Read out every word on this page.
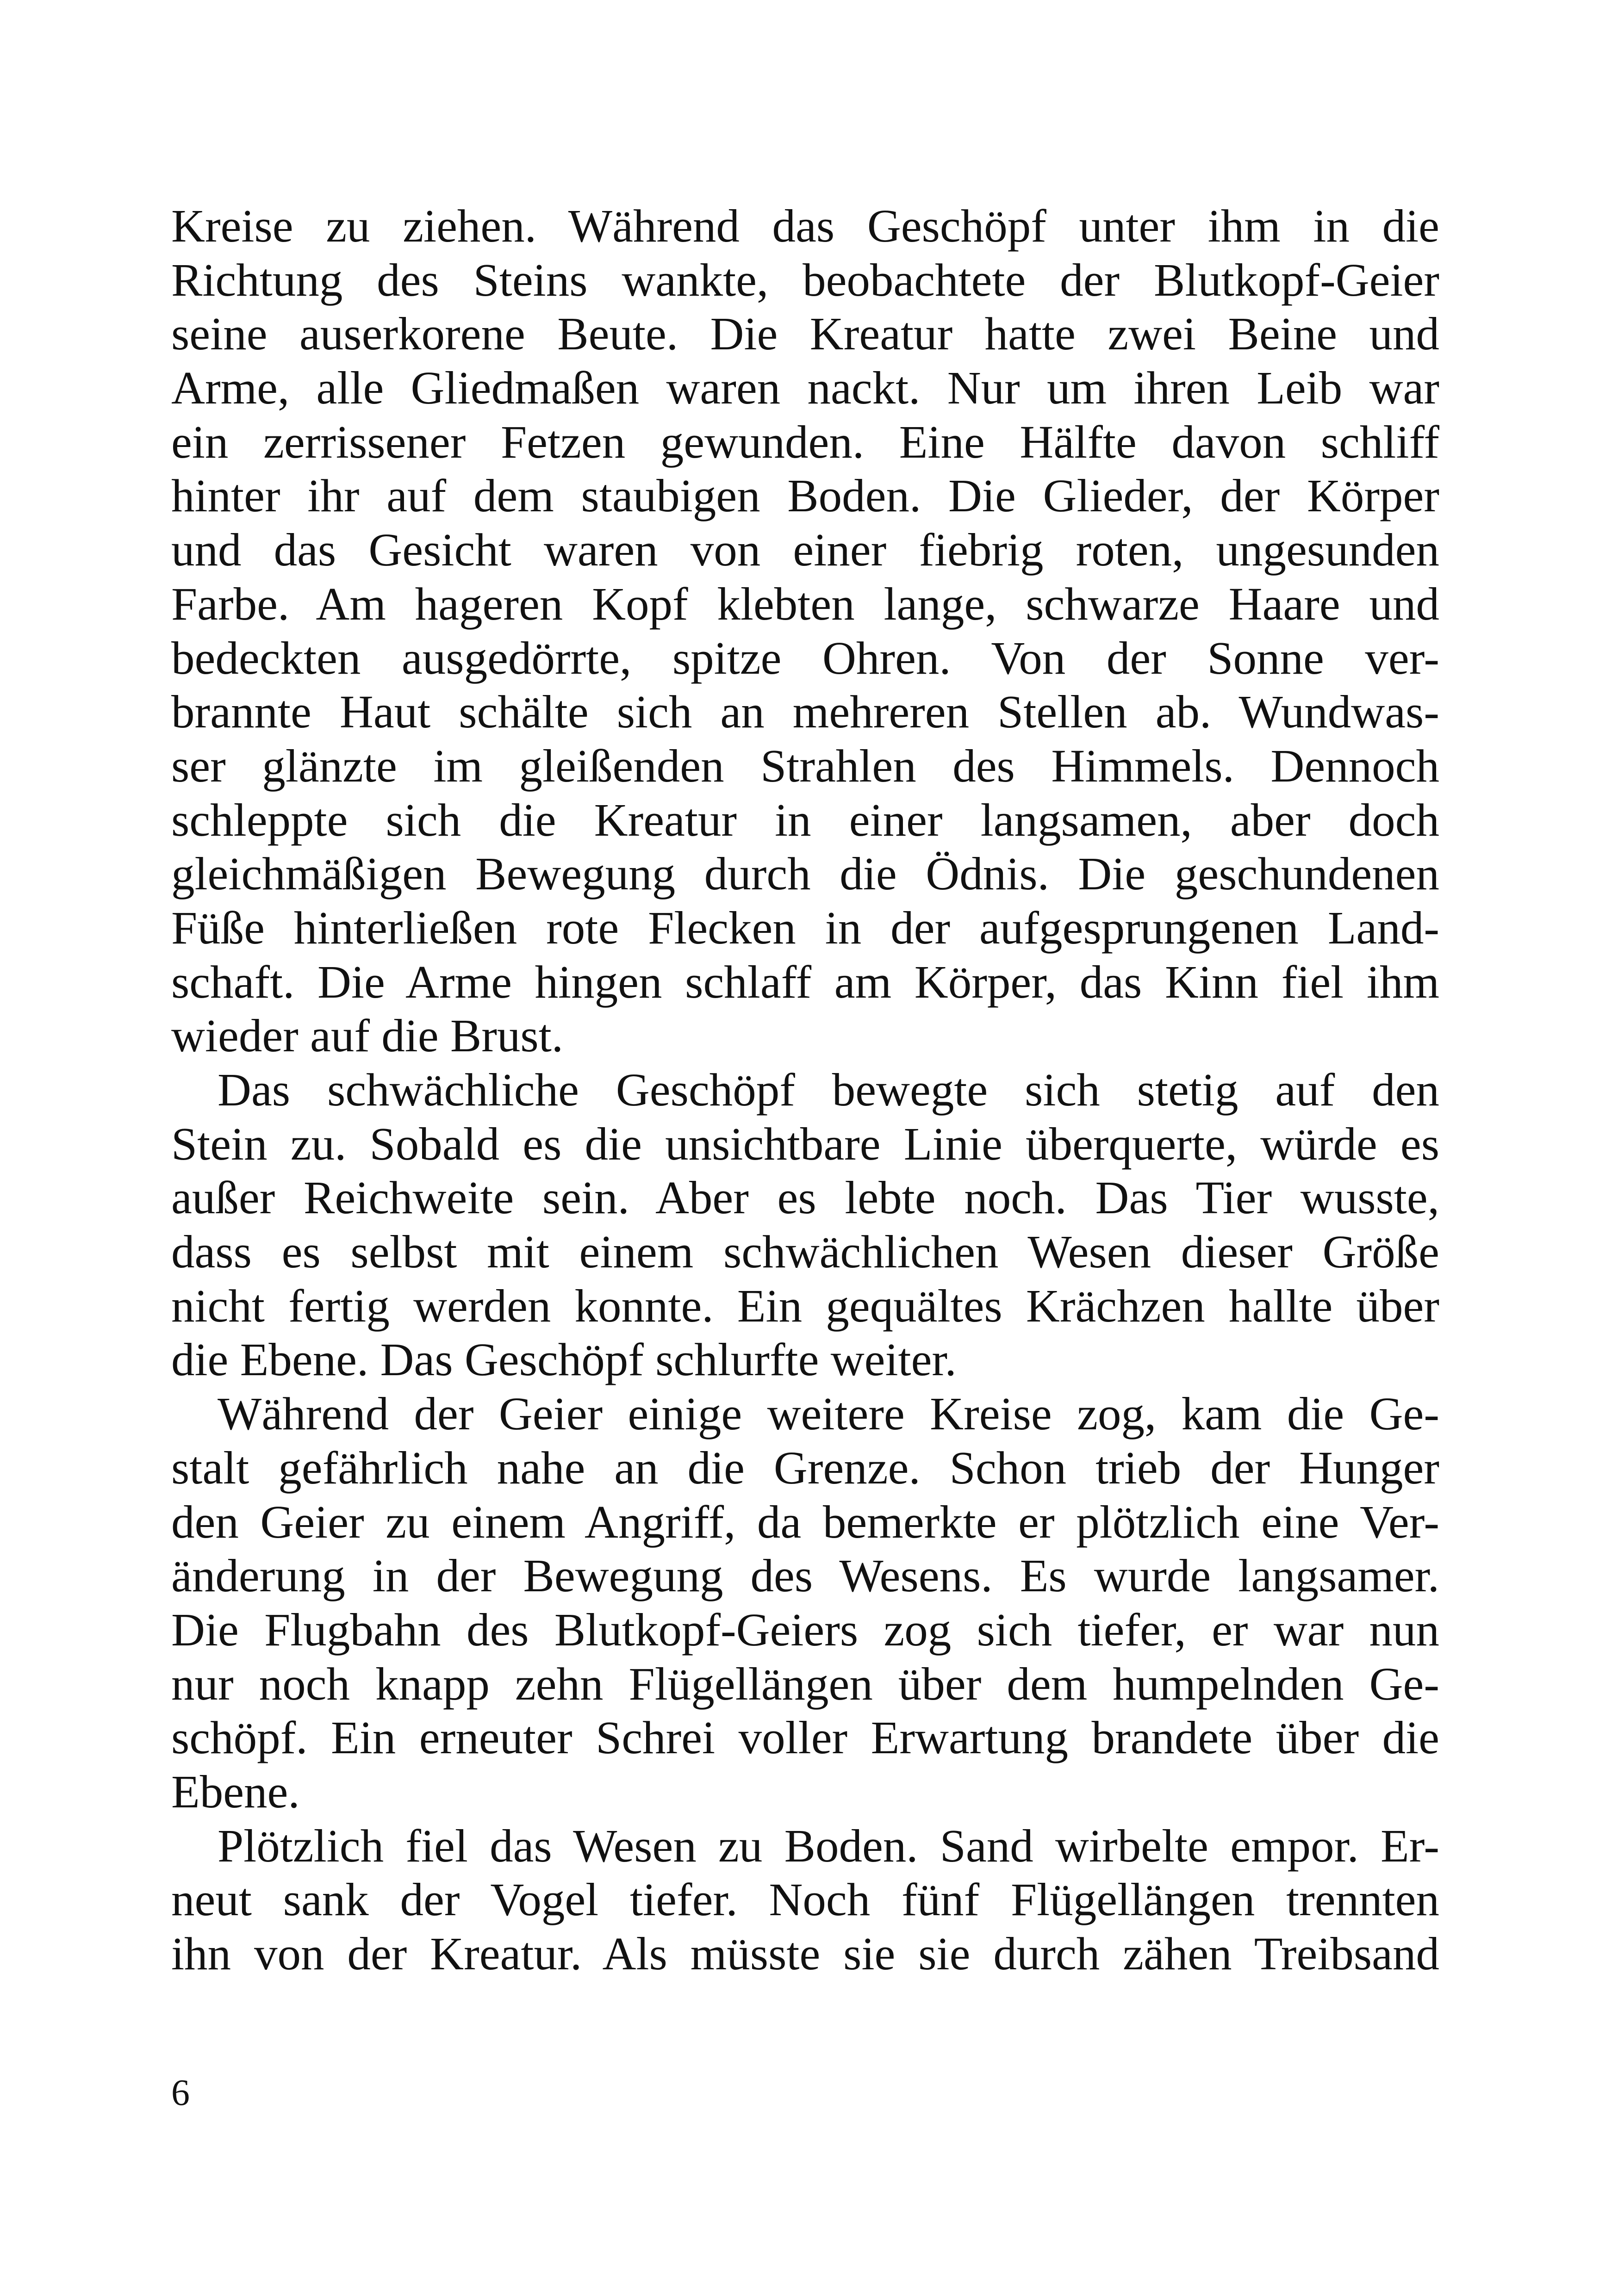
Kreise zu ziehen. Während das Geschöpf unter ihm in die
Richtung des Steins wankte, beobachtete der Blutkopf-Geier
seine auserkorene Beute. Die Kreatur hatte zwei Beine und
Arme, alle Gliedmaßen waren nackt. Nur um ihren Leib war
ein zerrissener Fetzen gewunden. Eine Hälfte davon schliff
hinter ihr auf dem staubigen Boden. Die Glieder, der Körper
und das Gesicht waren von einer fiebrig roten, ungesunden
Farbe. Am hageren Kopf klebten lange, schwarze Haare und
bedeckten ausgedörrte, spitze Ohren. Von der Sonne ver-
brannte Haut schälte sich an mehreren Stellen ab. Wundwas-
ser glänzte im gleißenden Strahlen des Himmels. Dennoch
schleppte sich die Kreatur in einer langsamen, aber doch
gleichmäßigen Bewegung durch die Ödnis. Die geschundenen
Füße hinterließen rote Flecken in der aufgesprungenen Land-
schaft. Die Arme hingen schlaff am Körper, das Kinn fiel ihm
wieder auf die Brust.
Das schwächliche Geschöpf bewegte sich stetig auf den
Stein zu. Sobald es die unsichtbare Linie überquerte, würde es
außer Reichweite sein. Aber es lebte noch. Das Tier wusste,
dass es selbst mit einem schwächlichen Wesen dieser Größe
nicht fertig werden konnte. Ein gequältes Krächzen hallte über
die Ebene. Das Geschöpf schlurfte weiter.
Während der Geier einige weitere Kreise zog, kam die Ge-
stalt gefährlich nahe an die Grenze. Schon trieb der Hunger
den Geier zu einem Angriff, da bemerkte er plötzlich eine Ver-
änderung in der Bewegung des Wesens. Es wurde langsamer.
Die Flugbahn des Blutkopf-Geiers zog sich tiefer, er war nun
nur noch knapp zehn Flügellängen über dem humpelnden Ge-
schöpf. Ein erneuter Schrei voller Erwartung brandete über die
Ebene.
Plötzlich fiel das Wesen zu Boden. Sand wirbelte empor. Er-
neut sank der Vogel tiefer. Noch fünf Flügellängen trennten
ihn von der Kreatur. Als müsste sie sie durch zähen Treibsand
6
